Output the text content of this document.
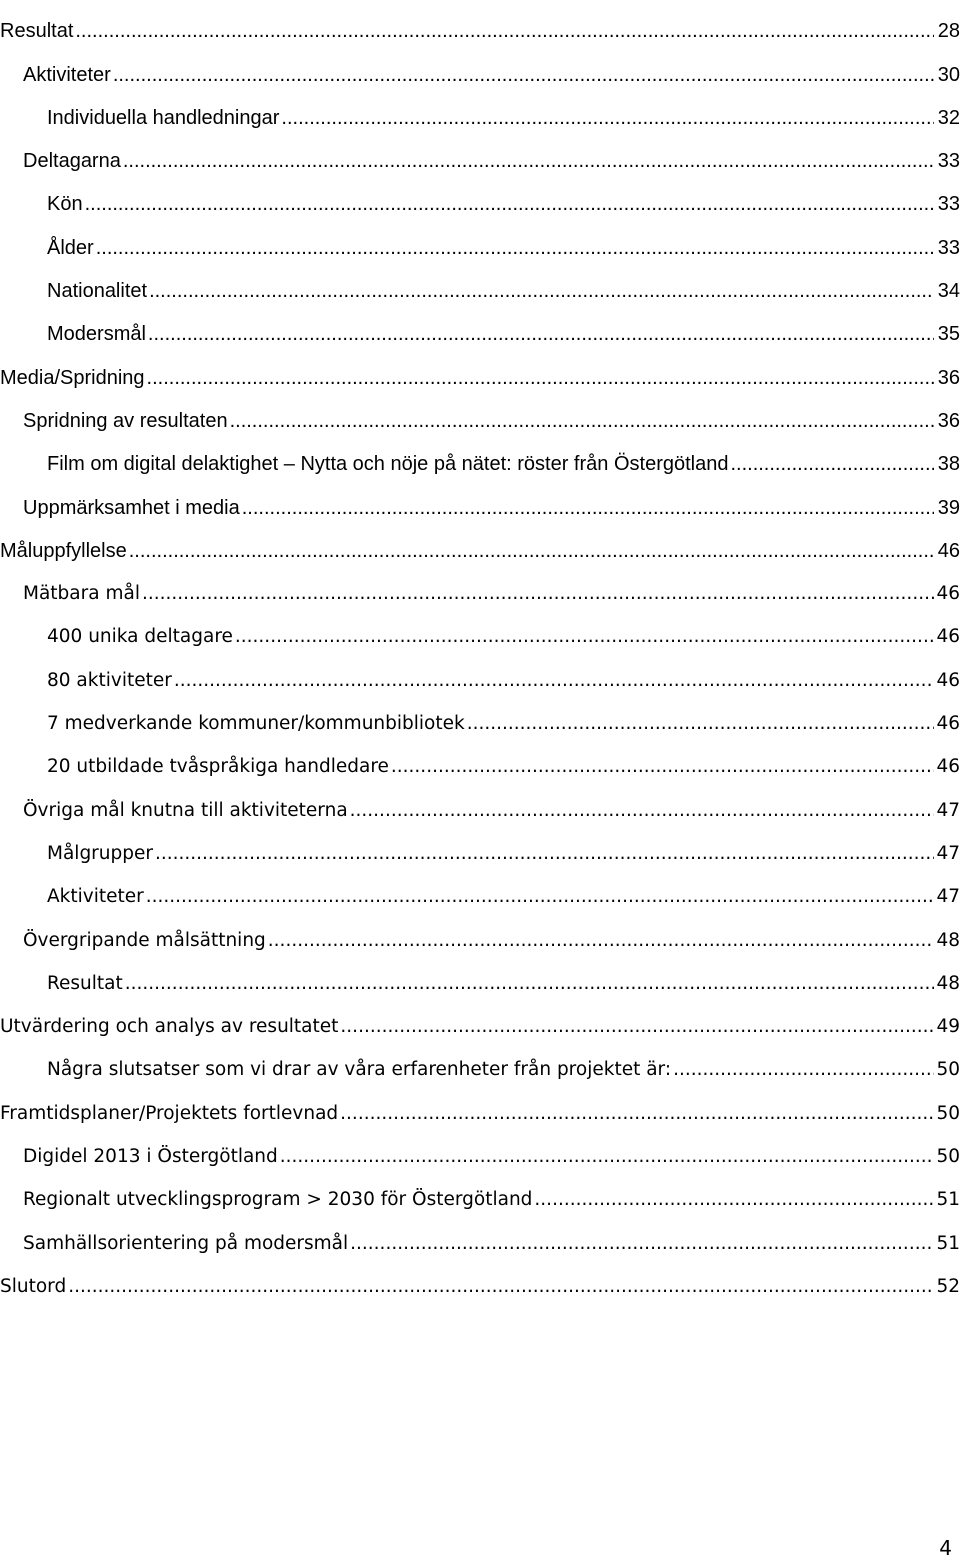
Resultat .....	28
Aktiviteter .....	30
Individuella handledningar .....	32
Deltagarna .....	33
Kön .....	33
Ålder .....	33
Nationalitet .....	34
Modersmål .....	35
Media/Spridning .....	36
Spridning av resultaten .....	36
Film om digital delaktighet – Nytta och nöje på nätet: röster från Östergötland .....	38
Uppmärksamhet i media .....	39
Måluppfyllelse .....	46
Mätbara mål .....	46
400 unika deltagare .....	46
80 aktiviteter .....	46
7 medverkande kommuner/kommunbibliotek .....	46
20 utbildade tvåspråkiga handledare .....	46
Övriga mål knutna till aktiviteterna .....	47
Målgrupper .....	47
Aktiviteter .....	47
Övergripande målsättning .....	48
Resultat .....	48
Utvärdering och analys av resultatet .....	49
Några slutsatser som vi drar av våra erfarenheter från projektet är: .....	50
Framtidsplaner/Projektets fortlevnad .....	50
Digidel 2013 i Östergötland .....	50
Regionalt utvecklingsprogram > 2030 för Östergötland .....	51
Samhällsorientering på modersmål .....	51
Slutord .....	52
4
